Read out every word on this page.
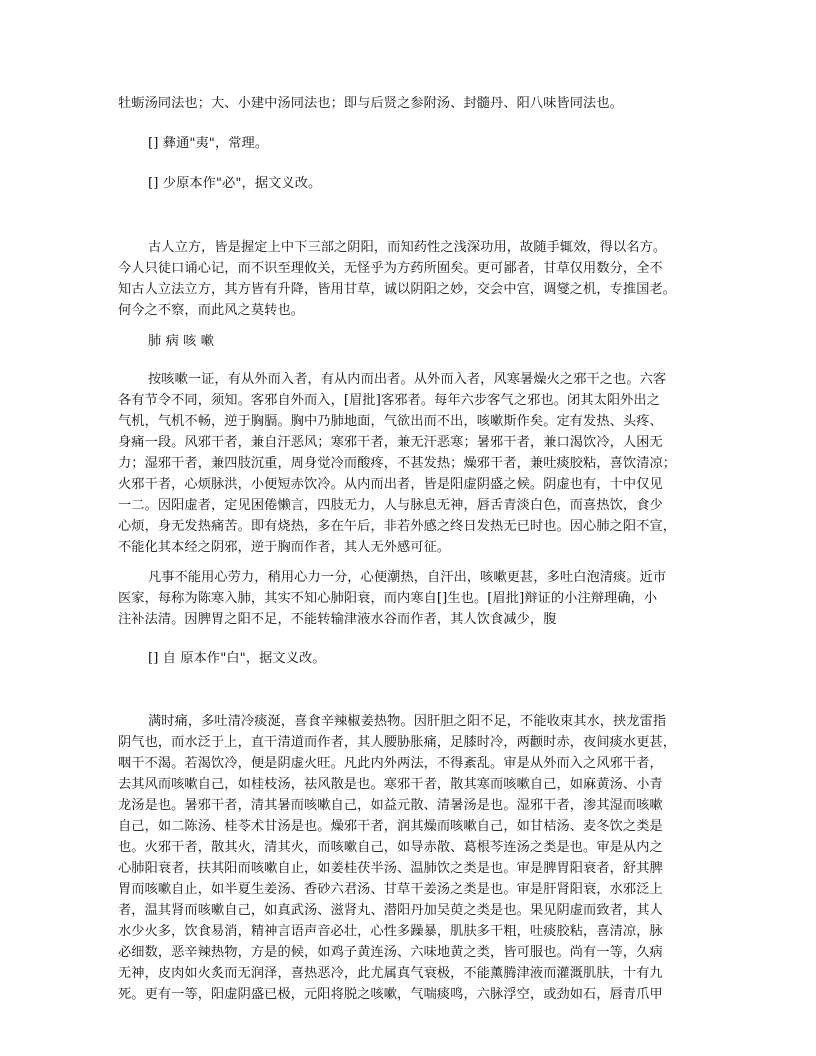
牡蛎汤同法也；大、小建中汤同法也；即与后贤之参附汤、封髓丹、阳八味皆同法也。
[] 彝通"夷"，常理。
[] 少原本作"必"，据文义改。
古人立方，皆是握定上中下三部之阴阳，而知药性之浅深功用，故随手辄效，得以名方。
今人只徒口诵心记，而不识至理攸关，无怪乎为方药所囿矣。更可鄙者，甘草仅用数分，全不
知古人立法立方，其方皆有升降，皆用甘草，诚以阴阳之妙，交会中宫，调燮之机，专推国老。
何今之不察，而此风之莫转也。
肺 病 咳 嗽
按咳嗽一证，有从外而入者，有从内而出者。从外而入者，风寒暑燥火之邪干之也。六客
各有节令不同，须知。客邪自外而入，[眉批]客邪者。每年六步客气之邪也。闭其太阳外出之
气机，气机不畅，逆于胸膈。胸中乃肺地面，气欲出而不出，咳嗽斯作矣。定有发热、头疼、
身痛一段。风邪干者，兼自汗恶风；寒邪干者，兼无汗恶寒；暑邪干者，兼口渴饮冷，人困无
力；湿邪干者，兼四肢沉重，周身觉冷而酸疼，不甚发热；燥邪干者，兼吐痰胶粘，喜饮清凉；
火邪干者，心烦脉洪，小便短赤饮冷。从内而出者，皆是阳虚阴盛之候。阴虚也有，十中仅见
一二。因阳虚者，定见困倦懒言，四肢无力，人与脉息无神，唇舌青淡白色，而喜热饮，食少
心烦，身无发热痛苦。即有烧热，多在午后，非若外感之终日发热无已时也。因心肺之阳不宣，
不能化其本经之阴邪，逆于胸而作者，其人无外感可征。
凡事不能用心劳力，稍用心力一分，心便潮热，自汗出，咳嗽更甚，多吐白泡清痰。近市
医家，每称为陈寒入肺，其实不知心肺阳衰，而内寒自[]生也。[眉批]辩证的小注辩理确，小
注补法清。因脾胃之阳不足，不能转输津液水谷而作者，其人饮食减少，腹
[] 自 原本作"白"，据文义改。
满时痛，多吐清冷痰涎，喜食辛辣椒姜热物。因肝胆之阳不足，不能收束其水，挟龙雷指
阴气也，而水泛于上，直干清道而作者，其人腰胁胀痛，足膝时冷，两颧时赤，夜间痰水更甚，
咽干不渴。若渴饮冷，便是阴虚火旺。凡此内外两法，不得紊乱。审是从外而入之风邪干者，
去其风而咳嗽自己，如桂枝汤，祛风散是也。寒邪干者，散其寒而咳嗽自己，如麻黄汤、小青
龙汤是也。暑邪干者，清其暑而咳嗽自己，如益元散、清暑汤是也。湿邪干者，渗其湿而咳嗽
自己，如二陈汤、桂苓术甘汤是也。燥邪干者，润其燥而咳嗽自己，如甘桔汤、麦冬饮之类是
也。火邪干者，散其火，清其火，而咳嗽自己，如导赤散、葛根芩连汤之类是也。审是从内之
心肺阳衰者，扶其阳而咳嗽自止，如姜桂茯半汤、温肺饮之类是也。审是脾胃阳衰者，舒其脾
胃而咳嗽自止，如半夏生姜汤、香砂六君汤、甘草干姜汤之类是也。审是肝肾阳衰，水邪泛上
者，温其肾而咳嗽自己，如真武汤、滋肾丸、潜阳丹加吴萸之类是也。果见阴虚而致者，其人
水少火多，饮食易消，精神言语声音必壮，心性多躁暴，肌肤多干粗，吐痰胶粘，喜清凉，脉
必细数，恶辛辣热物，方是的候，如鸡子黄连汤、六味地黄之类，皆可服也。尚有一等，久病
无神，皮肉如火炙而无润泽，喜热恶冷，此尤属真气衰极，不能薰腾津液而灌溉肌肤，十有九
死。更有一等，阳虚阴盛已极，元阳将脱之咳嗽，气喘痰鸣，六脉浮空，或劲如石，唇青爪甲
